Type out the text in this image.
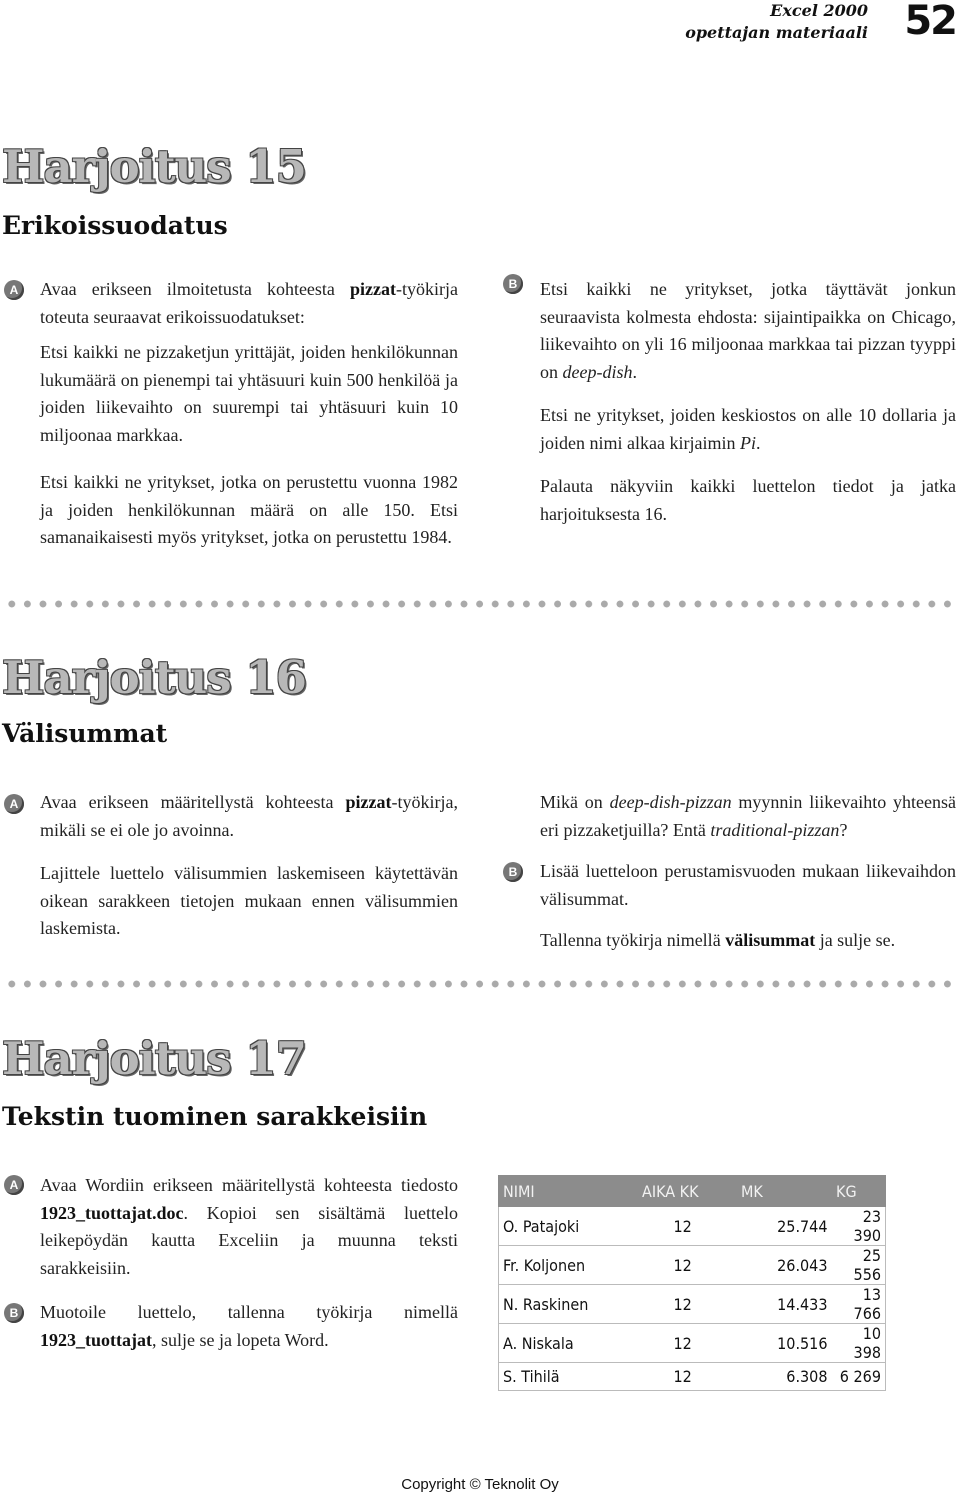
Excel 2000
opettajan materiaali 52
Harjoitus 15
Erikoissuodatus
A	Avaa erikseen ilmoitetusta kohteesta pizzat-työkirja toteuta seuraavat erikoissuodatukset:

Etsi kaikki ne pizzaketjun yrittäjät, joiden henkilökunnan lukumäärä on pienempi tai yhtäsuuri kuin 500 henkilöä ja joiden liikevaihto on suurempi tai yhtäsuuri kuin 10 miljoonaa markkaa.

Etsi kaikki ne yritykset, jotka on perustettu vuonna 1982 ja joiden henkilökunnan määrä on alle 150. Etsi samanaikaisesti myös yritykset, jotka on perustettu 1984.

B	Etsi kaikki ne yritykset, jotka täyttävät jonkun seuraavista kolmesta ehdosta: sijaintipaikka on Chicago, liikevaihto on yli 16 miljoonaa markkaa tai pizzan tyyppi on deep-dish.

Etsi ne yritykset, joiden keskiostos on alle 10 dollaria ja joiden nimi alkaa kirjaimin Pi.

Palauta näkyviin kaikki luettelon tiedot ja jatka harjoituksesta 16.

Harjoitus 16
Välisummat
A	Avaa erikseen määritellystä kohteesta pizzat-työkirja, mikäli se ei ole jo avoinna.

Lajittele luettelo välisummien laskemiseen käytettävän oikean sarakkeen tietojen mukaan ennen välisummien laskemista.

Mikä on deep-dish-pizzan myynnin liikevaihto yhteensä eri pizzaketjuilla? Entä traditional-pizzan?

B	Lisää luetteloon perustamisvuoden mukaan liikevaihdon välisummat.

Tallenna työkirja nimellä välisummat ja sulje se.

Harjoitus 17
Tekstin tuominen sarakkeisiin
A	Avaa Wordiin erikseen määritellystä kohteesta tiedosto 1923_tuottajat.doc. Kopioi sen sisältämä luettelo leikepöydän kautta Exceliin ja muunna teksti sarakkeisiin.

B	Muotoile luettelo, tallenna työkirja nimellä 1923_tuottajat, sulje se ja lopeta Word.

NIMI	AIKA KK	MK	KG
O. Patajoki	12	25.744	23 390
Fr. Koljonen	12	26.043	25 556
N. Raskinen	12	14.433	13 766
A. Niskala	12	10.516	10 398
S. Tihilä	12	6.308	6 269
Copyright © Teknolit Oy
